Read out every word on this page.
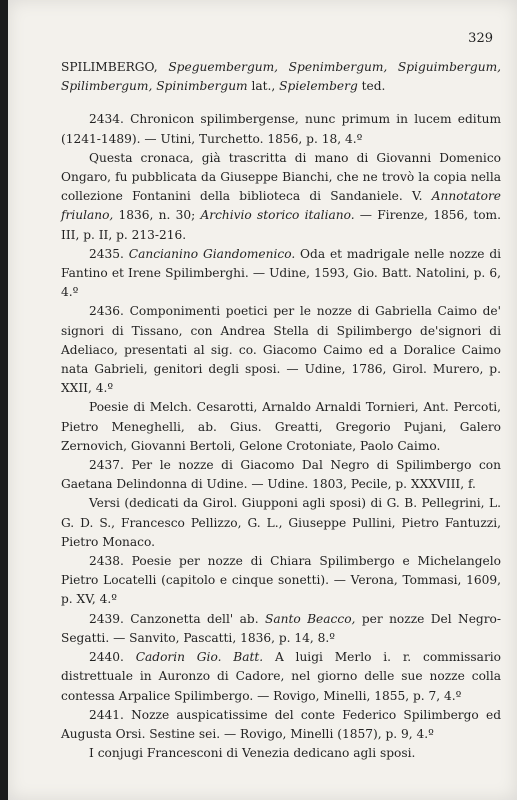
329

SPILIMBERGO, Speguembergum, Spenimbergum, Spiguimbergum, Spilimbergum, Spinimbergum lat., Spielemberg ted.

2434. Chronicon spilimbergense, nunc primum in lucem editum (1241-1489). — Utini, Turchetto. 1856, p. 18, 4.º

Questa cronaca, già trascritta di mano di Giovanni Domenico Ongaro, fu pubblicata da Giuseppe Bianchi, che ne trovò la copia nella collezione Fontanini della biblioteca di Sandaniele. V. Annotatore friulano, 1836, n. 30; Archivio storico italiano. — Firenze, 1856, tom. III, p. II, p. 213-216.

2435. Cancianino Giandomenico. Oda et madrigale nelle nozze di Fantino et Irene Spilimberghi. — Udine, 1593, Gio. Batt. Natolini, p. 6, 4.º

2436. Componimenti poetici per le nozze di Gabriella Caimo de' signori di Tissano, con Andrea Stella di Spilimbergo de'signori di Adeliaco, presentati al sig. co. Giacomo Caimo ed a Doralice Caimo nata Gabrieli, genitori degli sposi. — Udine, 1786, Girol. Murero, p. XXII, 4.º

Poesie di Melch. Cesarotti, Arnaldo Arnaldi Tornieri, Ant. Percoti, Pietro Meneghelli, ab. Gius. Greatti, Gregorio Pujani, Galero Zernovich, Giovanni Bertoli, Gelone Crotoniate, Paolo Caimo.

2437. Per le nozze di Giacomo Dal Negro di Spilimbergo con Gaetana Delindonna di Udine. — Udine. 1803, Pecile, p. XXXVIII, f.

Versi (dedicati da Girol. Giupponi agli sposi) di G. B. Pellegrini, L. G. D. S., Francesco Pellizzo, G. L., Giuseppe Pullini, Pietro Fantuzzi, Pietro Monaco.

2438. Poesie per nozze di Chiara Spilimbergo e Michelangelo Pietro Locatelli (capitolo e cinque sonetti). — Verona, Tommasi, 1609, p. XV, 4.º

2439. Canzonetta dell' ab. Santo Beacco, per nozze Del Negro-Segatti. — Sanvito, Pascatti, 1836, p. 14, 8.º

2440. Cadorin Gio. Batt. A luigi Merlo i. r. commissario distrettuale in Auronzo di Cadore, nel giorno delle sue nozze colla contessa Arpalice Spilimbergo. — Rovigo, Minelli, 1855, p. 7, 4.º

2441. Nozze auspicatissime del conte Federico Spilimbergo ed Augusta Orsi. Sestine sei. — Rovigo, Minelli (1857), p. 9, 4.º

I conjugi Francesconi di Venezia dedicano agli sposi.
